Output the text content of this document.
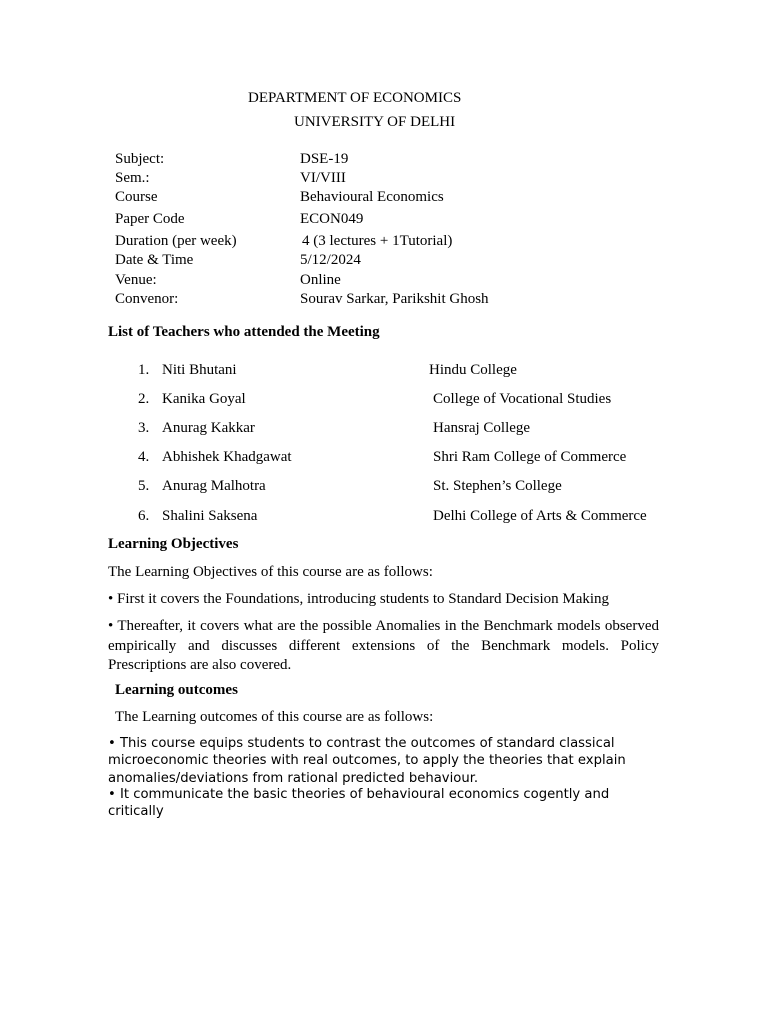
DEPARTMENT OF ECONOMICS
UNIVERSITY OF DELHI
Subject:	DSE-19
Sem.:	VI/VIII
Course	Behavioural Economics
Paper Code	ECON049
Duration (per week)	4 (3 lectures + 1Tutorial)
Date & Time	5/12/2024
Venue:	Online
Convenor:	Sourav Sarkar, Parikshit Ghosh
List of Teachers who attended the Meeting
1. Niti Bhutani	Hindu College
2. Kanika Goyal	College of Vocational Studies
3. Anurag Kakkar	Hansraj College
4. Abhishek Khadgawat	Shri Ram College of Commerce
5. Anurag Malhotra	St. Stephen’s College
6. Shalini Saksena	Delhi College of Arts & Commerce
Learning Objectives
The Learning Objectives of this course are as follows:
• First it covers the Foundations, introducing students to Standard Decision Making
• Thereafter, it covers what are the possible Anomalies in the Benchmark models observed empirically and discusses different extensions of the Benchmark models. Policy Prescriptions are also covered.
Learning outcomes
The Learning outcomes of this course are as follows:
• This course equips students to contrast the outcomes of standard classical microeconomic theories with real outcomes, to apply the theories that explain anomalies/deviations from rational predicted behaviour.
• It communicate the basic theories of behavioural economics cogently and critically
